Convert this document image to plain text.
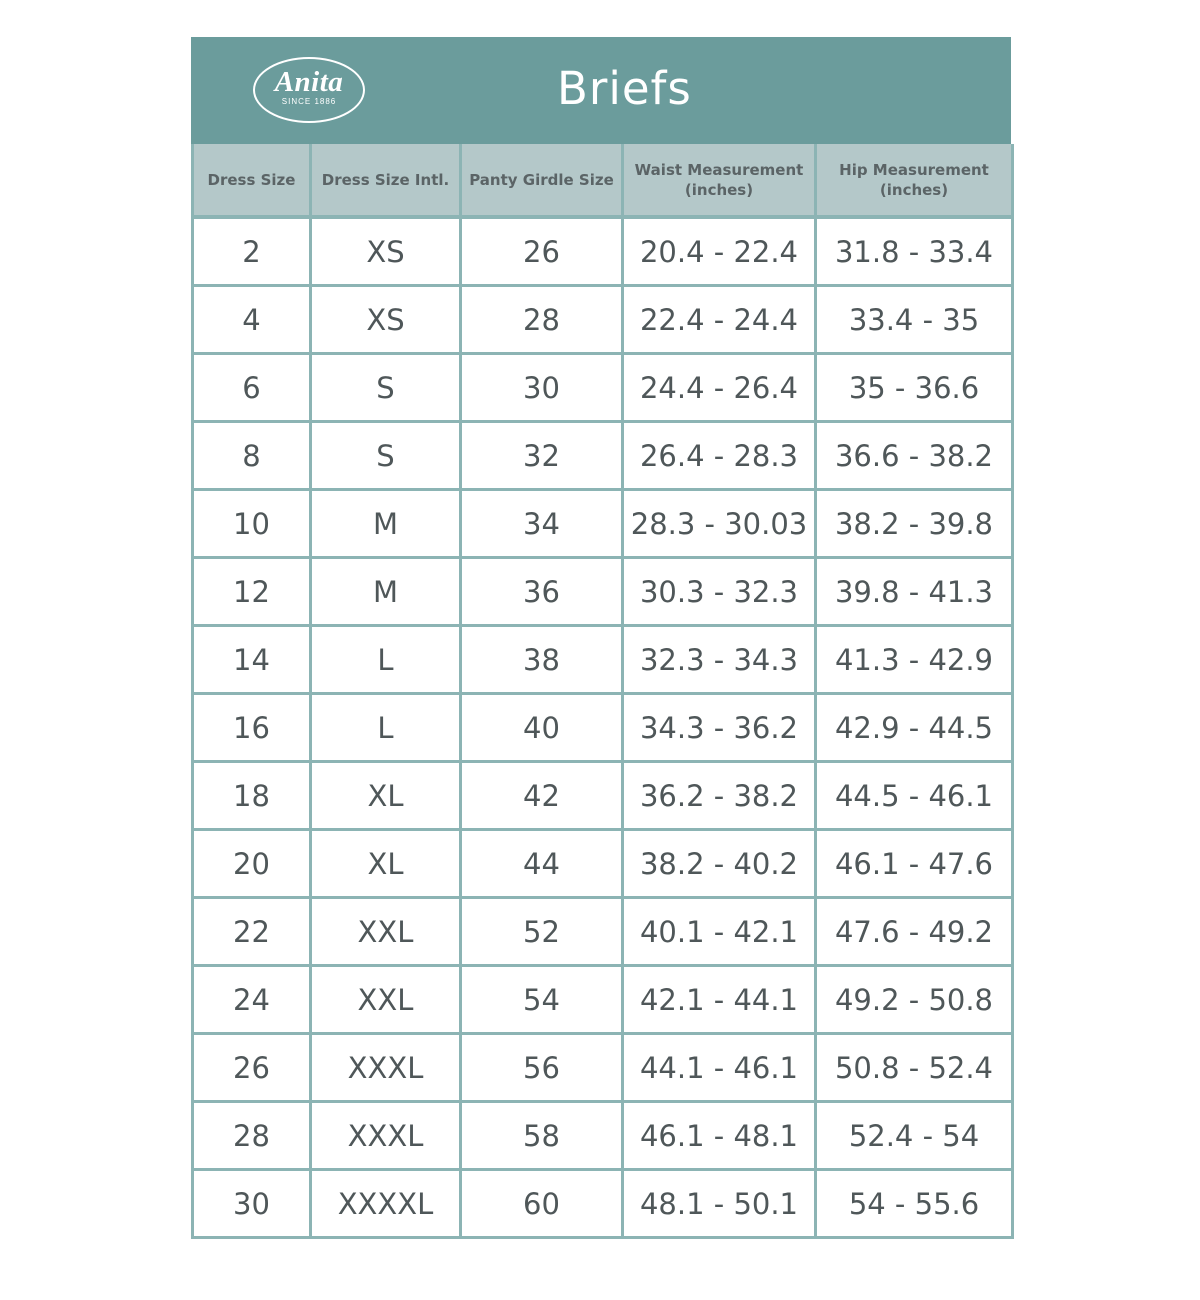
Anita
SINCE 1886	Briefs
Dress Size	Dress Size Intl.	Panty Girdle Size	Waist Measurement (inches)	Hip Measurement (inches)
2	XS	26	20.4 - 22.4	31.8 - 33.4
4	XS	28	22.4 - 24.4	33.4 - 35
6	S	30	24.4 - 26.4	35 - 36.6
8	S	32	26.4 - 28.3	36.6 - 38.2
10	M	34	28.3 - 30.03	38.2 - 39.8
12	M	36	30.3 - 32.3	39.8 - 41.3
14	L	38	32.3 - 34.3	41.3 - 42.9
16	L	40	34.3 - 36.2	42.9 - 44.5
18	XL	42	36.2 - 38.2	44.5 - 46.1
20	XL	44	38.2 - 40.2	46.1 - 47.6
22	XXL	52	40.1 - 42.1	47.6 - 49.2
24	XXL	54	42.1 - 44.1	49.2 - 50.8
26	XXXL	56	44.1 - 46.1	50.8 - 52.4
28	XXXL	58	46.1 - 48.1	52.4 - 54
30	XXXXL	60	48.1 - 50.1	54 - 55.6
